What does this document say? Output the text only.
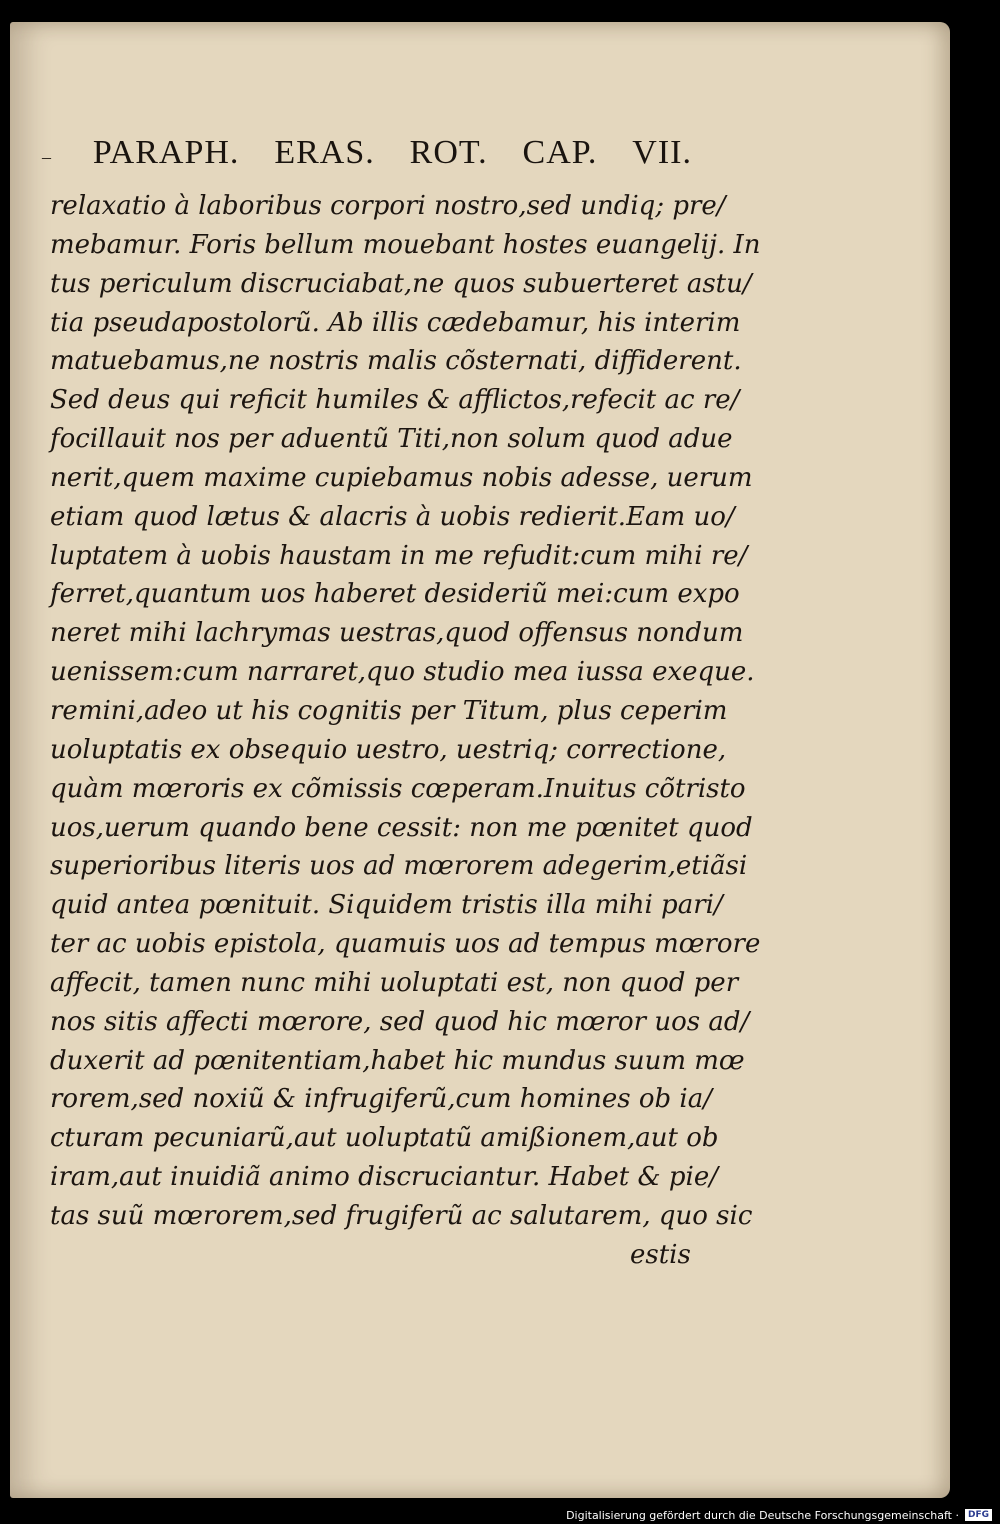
– PARAPH. ERAS. ROT. CAP. VII.
relaxatio à laboribus corpori nostro,sed undiq; pre/
mebamur. Foris bellum mouebant hostes euangelij. In
tus periculum discruciabat,ne quos subuerteret astu/
tia pseudapostolorũ. Ab illis cædebamur, his interim
matuebamus,ne nostris malis cõsternati, diffiderent.
Sed deus qui reficit humiles & afflictos,refecit ac re/
focillauit nos per aduentũ Titi,non solum quod adue
nerit,quem maxime cupiebamus nobis adesse, uerum
etiam quod lætus & alacris à uobis redierit.Eam uo/
luptatem à uobis haustam in me refudit:cum mihi re/
ferret,quantum uos haberet desideriũ mei:cum expo
neret mihi lachrymas uestras,quod offensus nondum
uenissem:cum narraret,quo studio mea iussa exeque.
remini,adeo ut his cognitis per Titum, plus ceperim
uoluptatis ex obsequio uestro, uestriq; correctione,
quàm mœroris ex cõmissis cœperam.Inuitus cõtristo
uos,uerum quando bene cessit: non me pœnitet quod
superioribus literis uos ad mœrorem adegerim,etiãsi
quid antea pœnituit. Siquidem tristis illa mihi pari/
ter ac uobis epistola, quamuis uos ad tempus mœrore
affecit, tamen nunc mihi uoluptati est, non quod per
nos sitis affecti mœrore, sed quod hic mœror uos ad/
duxerit ad pœnitentiam,habet hic mundus suum mœ
rorem,sed noxiũ & infrugiferũ,cum homines ob ia/
cturam pecuniarũ,aut uoluptatũ amißionem,aut ob
iram,aut inuidiã animo discruciantur. Habet & pie/
tas suũ mœrorem,sed frugiferũ ac salutarem, quo sic
estis
Digitalisierung gefördert durch die Deutsche Forschungsgemeinschaft ·	DFG
